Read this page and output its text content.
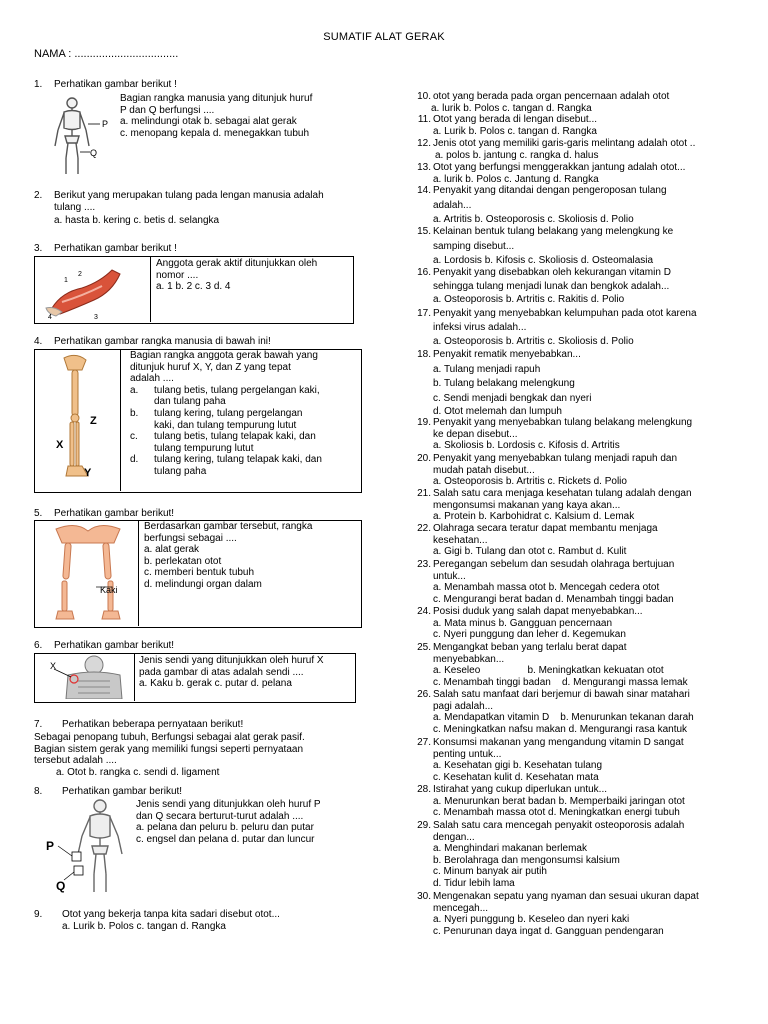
SUMATIF ALAT GERAK
NAMA : ..................................
1.	Perhatikan gambar berikut !
Bagian rangka manusia yang ditunjuk huruf
P dan Q berfungsi ....
a. melindungi otak b. sebagai alat gerak
c. menopang kepala d. menegakkan tubuh
P
Q
2.	Berikut yang merupakan tulang pada lengan manusia adalah
tulang ....
a. hasta b. kering c. betis d. selangka
3.	Perhatikan gambar berikut !
1
2
3
4
Anggota gerak aktif ditunjukkan oleh
nomor ....
a. 1 b. 2 c. 3 d. 4
4.	Perhatikan gambar rangka manusia di bawah ini!
Z
X
Y
Bagian rangka anggota gerak bawah yang
ditunjuk huruf X, Y, dan Z yang tepat
adalah ....
a.	tulang betis, tulang pergelangan kaki,
dan tulang paha
b.	tulang kering, tulang pergelangan
kaki, dan tulang tempurung lutut
c.	tulang betis, tulang telapak kaki, dan
tulang tempurung lutut
d.	tulang kering, tulang telapak kaki, dan
tulang paha
5.	Perhatikan gambar berikut!
Kaki
Berdasarkan gambar tersebut, rangka
berfungsi sebagai ....
a. alat gerak
b. perlekatan otot
c. memberi bentuk tubuh
d. melindungi organ dalam
6.	Perhatikan gambar berikut!
X	Jenis sendi yang ditunjukkan oleh huruf X
pada gambar di atas adalah sendi ....
a. Kaku b. gerak c. putar d. pelana
7.	Perhatikan beberapa pernyataan berikut!
Sebagai penopang tubuh, Berfungsi sebagai alat gerak pasif.
Bagian sistem gerak yang memiliki fungsi seperti pernyataan
tersebut adalah ....
a. Otot b. rangka c. sendi d. ligament
8.	Perhatikan gambar berikut!
P
Q
Jenis sendi yang ditunjukkan oleh huruf P
dan Q secara berturut-turut adalah ....
a. pelana dan peluru b. peluru dan putar
c. engsel dan pelana d. putar dan luncur
9.	Otot yang bekerja tanpa kita sadari disebut otot...
a. Lurik b. Polos c. tangan d. Rangka
10. otot yang berada pada organ pencernaan adalah otot
a. lurik b. Polos c. tangan d. Rangka
11. Otot yang berada di lengan disebut...
a. Lurik b. Polos c. tangan d. Rangka
12. Jenis otot yang memiliki garis-garis melintang adalah otot ..
a. polos b. jantung c. rangka d. halus
13. Otot yang berfungsi menggerakkan jantung adalah otot...
a. lurik b. Polos c. Jantung d. Rangka
14. Penyakit yang ditandai dengan pengeroposan tulang
adalah...
a. Artritis b. Osteoporosis c. Skoliosis d. Polio
15. Kelainan bentuk tulang belakang yang melengkung ke
samping disebut...
a. Lordosis b. Kifosis c. Skoliosis d. Osteomalasia
16. Penyakit yang disebabkan oleh kekurangan vitamin D
sehingga tulang menjadi lunak dan bengkok adalah...
a. Osteoporosis b. Artritis c. Rakitis d. Polio
17. Penyakit yang menyebabkan kelumpuhan pada otot karena
infeksi virus adalah...
a. Osteoporosis b. Artritis c. Skoliosis d. Polio
18. Penyakit rematik menyebabkan...
a. Tulang menjadi rapuh
b. Tulang belakang melengkung
c. Sendi menjadi bengkak dan nyeri
d. Otot melemah dan lumpuh
19. Penyakit yang menyebabkan tulang belakang melengkung
ke depan disebut...
a. Skoliosis b. Lordosis c. Kifosis d. Artritis
20. Penyakit yang menyebabkan tulang menjadi rapuh dan
mudah patah disebut...
a. Osteoporosis b. Artritis c. Rickets d. Polio
21. Salah satu cara menjaga kesehatan tulang adalah dengan
mengonsumsi makanan yang kaya akan...
a. Protein b. Karbohidrat c. Kalsium d. Lemak
22. Olahraga secara teratur dapat membantu menjaga
kesehatan...
a. Gigi b. Tulang dan otot c. Rambut d. Kulit
23. Peregangan sebelum dan sesudah olahraga bertujuan
untuk...
a. Menambah massa otot b. Mencegah cedera otot
c. Mengurangi berat badan d. Menambah tinggi badan
24. Posisi duduk yang salah dapat menyebabkan...
a. Mata minus b. Gangguan pencernaan
c. Nyeri punggung dan leher d. Kegemukan
25. Mengangkat beban yang terlalu berat dapat
menyebabkan...
a. Keseleo                 b. Meningkatkan kekuatan otot
c. Menambah tinggi badan    d. Mengurangi massa lemak
26. Salah satu manfaat dari berjemur di bawah sinar matahari
pagi adalah...
a. Mendapatkan vitamin D    b. Menurunkan tekanan darah
c. Meningkatkan nafsu makan d. Mengurangi rasa kantuk
27. Konsumsi makanan yang mengandung vitamin D sangat
penting untuk...
a. Kesehatan gigi b. Kesehatan tulang
c. Kesehatan kulit d. Kesehatan mata
28. Istirahat yang cukup diperlukan untuk...
a. Menurunkan berat badan b. Memperbaiki jaringan otot
c. Menambah massa otot d. Meningkatkan energi tubuh
29. Salah satu cara mencegah penyakit osteoporosis adalah
dengan...
a. Menghindari makanan berlemak
b. Berolahraga dan mengonsumsi kalsium
c. Minum banyak air putih
d. Tidur lebih lama
30. Mengenakan sepatu yang nyaman dan sesuai ukuran dapat
mencegah...
a. Nyeri punggung b. Keseleo dan nyeri kaki
c. Penurunan daya ingat d. Gangguan pendengaran
